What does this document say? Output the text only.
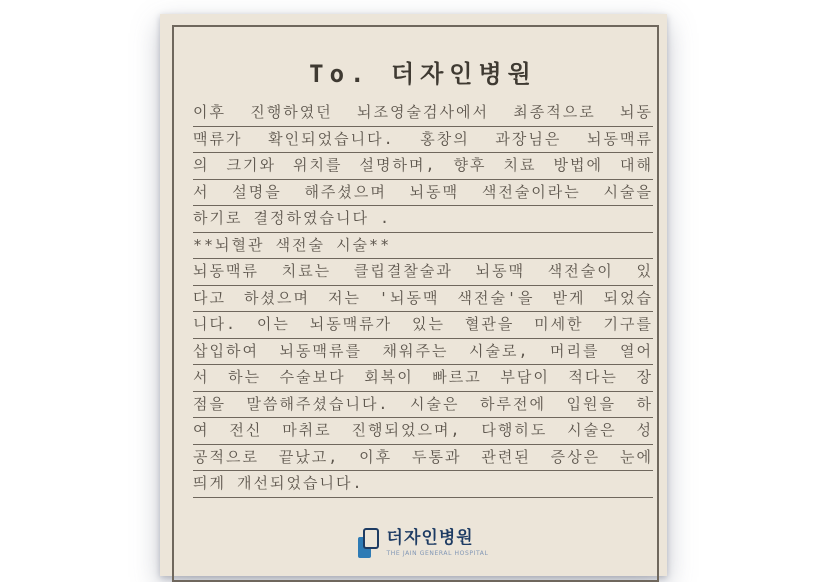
To. 더자인병원
이후 진행하였던 뇌조영술검사에서 최종적으로 뇌동
맥류가 확인되었습니다. 홍창의 과장님은 뇌동맥류
의 크기와 위치를 설명하며, 향후 치료 방법에 대해
서 설명을 해주셨으며 뇌동맥 색전술이라는 시술을
하기로 결정하였습니다 .
**뇌혈관 색전술 시술**
뇌동맥류 치료는 클립결찰술과 뇌동맥 색전술이 있
다고 하셨으며 저는 '뇌동맥 색전술'을 받게 되었습
니다. 이는 뇌동맥류가 있는 혈관을 미세한 기구를
삽입하여 뇌동맥류를 채워주는 시술로, 머리를 열어
서 하는 수술보다 회복이 빠르고 부담이 적다는 장
점을 말씀해주셨습니다. 시술은 하루전에 입원을 하
여 전신 마취로 진행되었으며, 다행히도 시술은 성
공적으로 끝났고, 이후 두통과 관련된 증상은 눈에
띄게 개선되었습니다.
더자인병원
THE JAIN GENERAL HOSPITAL
